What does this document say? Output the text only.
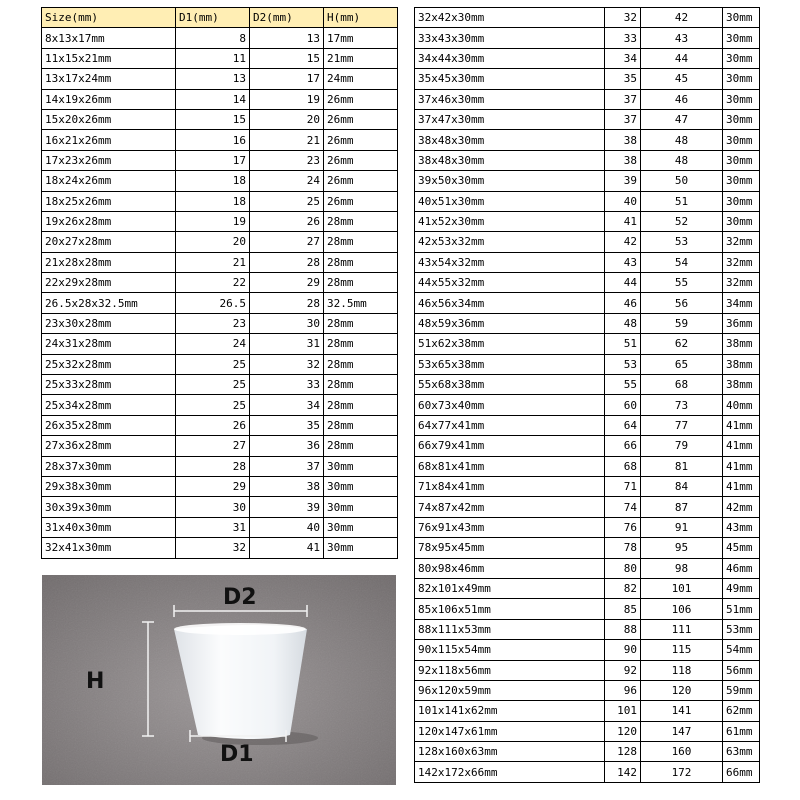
Size(mm)	D1(mm)	D2(mm)	H(mm)
8x13x17mm	8	13	17mm
11x15x21mm	11	15	21mm
13x17x24mm	13	17	24mm
14x19x26mm	14	19	26mm
15x20x26mm	15	20	26mm
16x21x26mm	16	21	26mm
17x23x26mm	17	23	26mm
18x24x26mm	18	24	26mm
18x25x26mm	18	25	26mm
19x26x28mm	19	26	28mm
20x27x28mm	20	27	28mm
21x28x28mm	21	28	28mm
22x29x28mm	22	29	28mm
26.5x28x32.5mm	26.5	28	32.5mm
23x30x28mm	23	30	28mm
24x31x28mm	24	31	28mm
25x32x28mm	25	32	28mm
25x33x28mm	25	33	28mm
25x34x28mm	25	34	28mm
26x35x28mm	26	35	28mm
27x36x28mm	27	36	28mm
28x37x30mm	28	37	30mm
29x38x30mm	29	38	30mm
30x39x30mm	30	39	30mm
31x40x30mm	31	40	30mm
32x41x30mm	32	41	30mm
32x42x30mm	32	42	30mm
33x43x30mm	33	43	30mm
34x44x30mm	34	44	30mm
35x45x30mm	35	45	30mm
37x46x30mm	37	46	30mm
37x47x30mm	37	47	30mm
38x48x30mm	38	48	30mm
38x48x30mm	38	48	30mm
39x50x30mm	39	50	30mm
40x51x30mm	40	51	30mm
41x52x30mm	41	52	30mm
42x53x32mm	42	53	32mm
43x54x32mm	43	54	32mm
44x55x32mm	44	55	32mm
46x56x34mm	46	56	34mm
48x59x36mm	48	59	36mm
51x62x38mm	51	62	38mm
53x65x38mm	53	65	38mm
55x68x38mm	55	68	38mm
60x73x40mm	60	73	40mm
64x77x41mm	64	77	41mm
66x79x41mm	66	79	41mm
68x81x41mm	68	81	41mm
71x84x41mm	71	84	41mm
74x87x42mm	74	87	42mm
76x91x43mm	76	91	43mm
78x95x45mm	78	95	45mm
80x98x46mm	80	98	46mm
82x101x49mm	82	101	49mm
85x106x51mm	85	106	51mm
88x111x53mm	88	111	53mm
90x115x54mm	90	115	54mm
92x118x56mm	92	118	56mm
96x120x59mm	96	120	59mm
101x141x62mm	101	141	62mm
120x147x61mm	120	147	61mm
128x160x63mm	128	160	63mm
142x172x66mm	142	172	66mm
D2
D1
H
